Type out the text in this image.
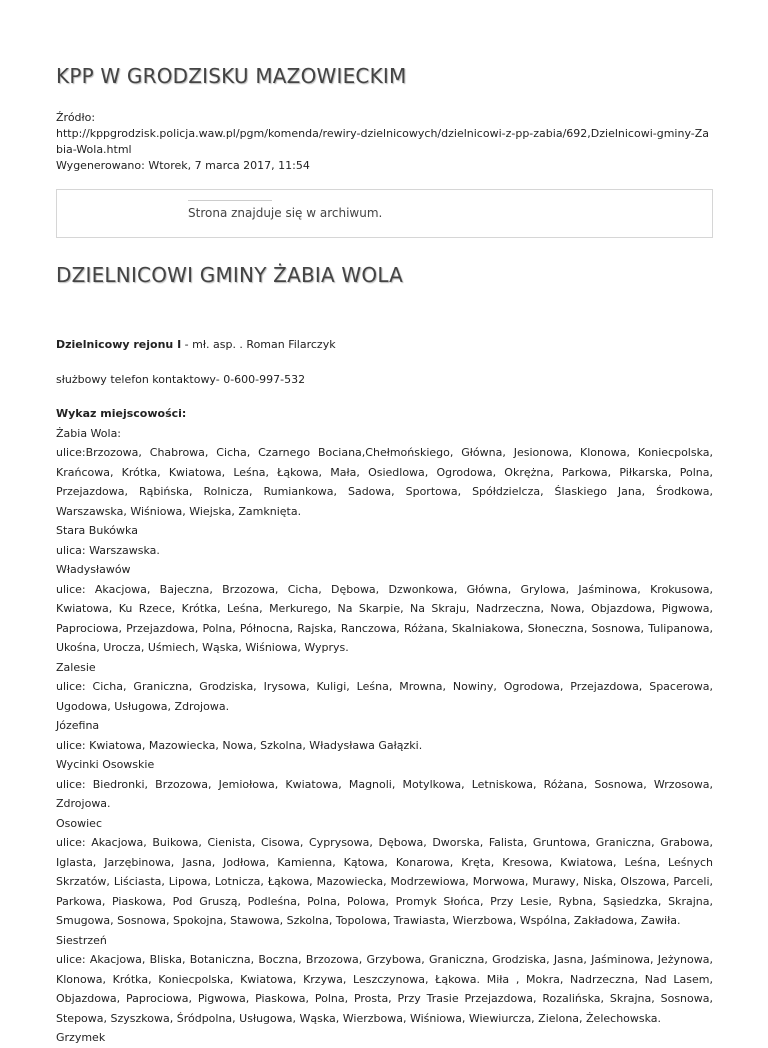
KPP W GRODZISKU MAZOWIECKIM
Źródło:
http://kppgrodzisk.policja.waw.pl/pgm/komenda/rewiry-dzielnicowych/dzielnicowi-z-pp-zabia/692,Dzielnicowi-gminy-Zabia-Wola.html
Wygenerowano: Wtorek, 7 marca 2017, 11:54
Strona znajduje się w archiwum.
DZIELNICOWI GMINY ŻABIA WOLA

Dzielnicowy rejonu I - mł. asp. . Roman Filarczyk

służbowy telefon kontaktowy- 0-600-997-532

Wykaz miejscowości:

Żabia Wola:

ulice:Brzozowa, Chabrowa, Cicha, Czarnego Bociana,Chełmońskiego, Główna, Jesionowa, Klonowa, Koniecpolska, Krańcowa, Krótka, Kwiatowa, Leśna, Łąkowa, Mała, Osiedlowa, Ogrodowa, Okrężna, Parkowa, Piłkarska, Polna, Przejazdowa, Rąbińska, Rolnicza, Rumiankowa, Sadowa, Sportowa, Spółdzielcza, Ślaskiego Jana, Środkowa, Warszawska, Wiśniowa, Wiejska, Zamknięta.

Stara Bukówka

ulica: Warszawska.

Władysławów

ulice: Akacjowa, Bajeczna, Brzozowa, Cicha, Dębowa, Dzwonkowa, Główna, Grylowa, Jaśminowa, Krokusowa, Kwiatowa, Ku Rzece, Krótka, Leśna, Merkurego, Na Skarpie, Na Skraju, Nadrzeczna, Nowa, Objazdowa, Pigwowa, Paprociowa, Przejazdowa, Polna, Północna, Rajska, Ranczowa, Różana, Skalniakowa, Słoneczna, Sosnowa, Tulipanowa, Ukośna, Urocza, Uśmiech, Wąska, Wiśniowa, Wyprys.

Zalesie

ulice: Cicha, Graniczna, Grodziska, Irysowa, Kuligi, Leśna, Mrowna, Nowiny, Ogrodowa, Przejazdowa, Spacerowa, Ugodowa, Usługowa, Zdrojowa.

Józefina

ulice: Kwiatowa, Mazowiecka, Nowa, Szkolna, Władysława Gałązki.

Wycinki Osowskie

ulice: Biedronki, Brzozowa, Jemiołowa, Kwiatowa, Magnoli, Motylkowa, Letniskowa, Różana, Sosnowa, Wrzosowa, Zdrojowa.

Osowiec

ulice: Akacjowa, Buikowa, Cienista, Cisowa, Cyprysowa, Dębowa, Dworska, Falista, Gruntowa, Graniczna, Grabowa, Iglasta, Jarzębinowa, Jasna, Jodłowa, Kamienna, Kątowa, Konarowa, Kręta, Kresowa, Kwiatowa, Leśna, Leśnych Skrzatów, Liściasta, Lipowa, Lotnicza, Łąkowa, Mazowiecka, Modrzewiowa, Morwowa, Murawy, Niska, Olszowa, Parceli, Parkowa, Piaskowa, Pod Gruszą, Podleśna, Polna, Polowa, Promyk Słońca, Przy Lesie, Rybna, Sąsiedzka, Skrajna, Smugowa, Sosnowa, Spokojna, Stawowa, Szkolna, Topolowa, Trawiasta, Wierzbowa, Wspólna, Zakładowa, Zawiła.

Siestrzeń

ulice: Akacjowa, Bliska, Botaniczna, Boczna, Brzozowa, Grzybowa, Graniczna, Grodziska, Jasna, Jaśminowa, Jeżynowa, Klonowa, Krótka, Koniecpolska, Kwiatowa, Krzywa, Leszczynowa, Łąkowa. Miła , Mokra, Nadrzeczna, Nad Lasem, Objazdowa, Paprociowa, Pigwowa, Piaskowa, Polna, Prosta, Przy Trasie Przejazdowa, Rozalińska, Skrajna, Sosnowa, Stepowa, Szyszkowa, Śródpolna, Usługowa, Wąska, Wierzbowa, Wiśniowa, Wiewiurcza, Zielona, Żelechowska.

Grzymek
